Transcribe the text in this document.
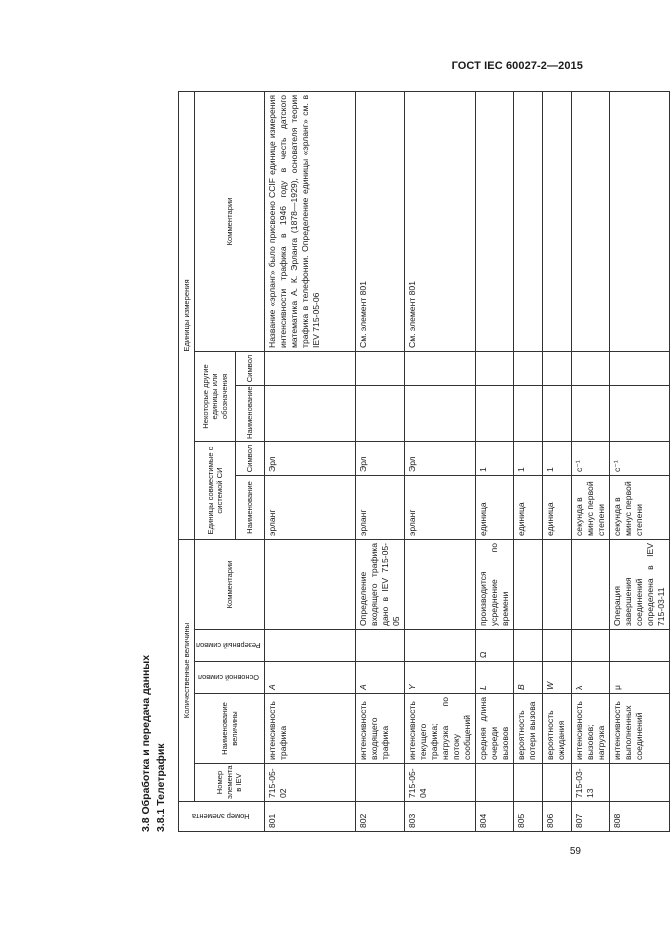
ГОСТ IEC 60027-2—2015
59
3.8 Обработка и передача данных 3.8.1 Телетрафик	Номер элемента	Количественные величины					Единицы измерения				
	Номер элемента в IEV	Наименование величины	Основной символ	Резервный символ	Комментарии	Единицы совместимые с системой СИ		Некоторые другие единицы или обозначения		Комментарии
						Наименование	Символ	Наименование	Символ	
801	715-05-02	интенсивность трафика	A			эрланг	Эрл			Название «эрланг» было присвоено CCIF единице измерения интенсивности трафика в 1946 году в честь датского математика А. К. Эрланга (1878—1929), основателя теории трафика в телефонии. Определение единицы «эрланг» см. в IEV 715-05-06
802		интенсивность входящего трафика	A		Определение входящего трафика дано в IEV 715-05-05	эрланг	Эрл			См. элемент 801
803	715-05-04	интенсивность текущего трафика; нагрузка по потоку сообщений	Y			эрланг	Эрл			См. элемент 801
804		средняя длина очереди вызовов	L	Ω	производится усреднение по времени	единица	1			
805		вероятность потери вызова	B			единица	1			
806		вероятность ожидания	W			единица	1			
807	715-03-13	интенсивность вызовов; нагрузка	λ			секунда в минус первой степени	с⁻¹			
808		интенсивность выполненных соединений	μ		Операция завершения соединений определена в IEV 715-03-11	секунда в минус первой степени	с⁻¹			
